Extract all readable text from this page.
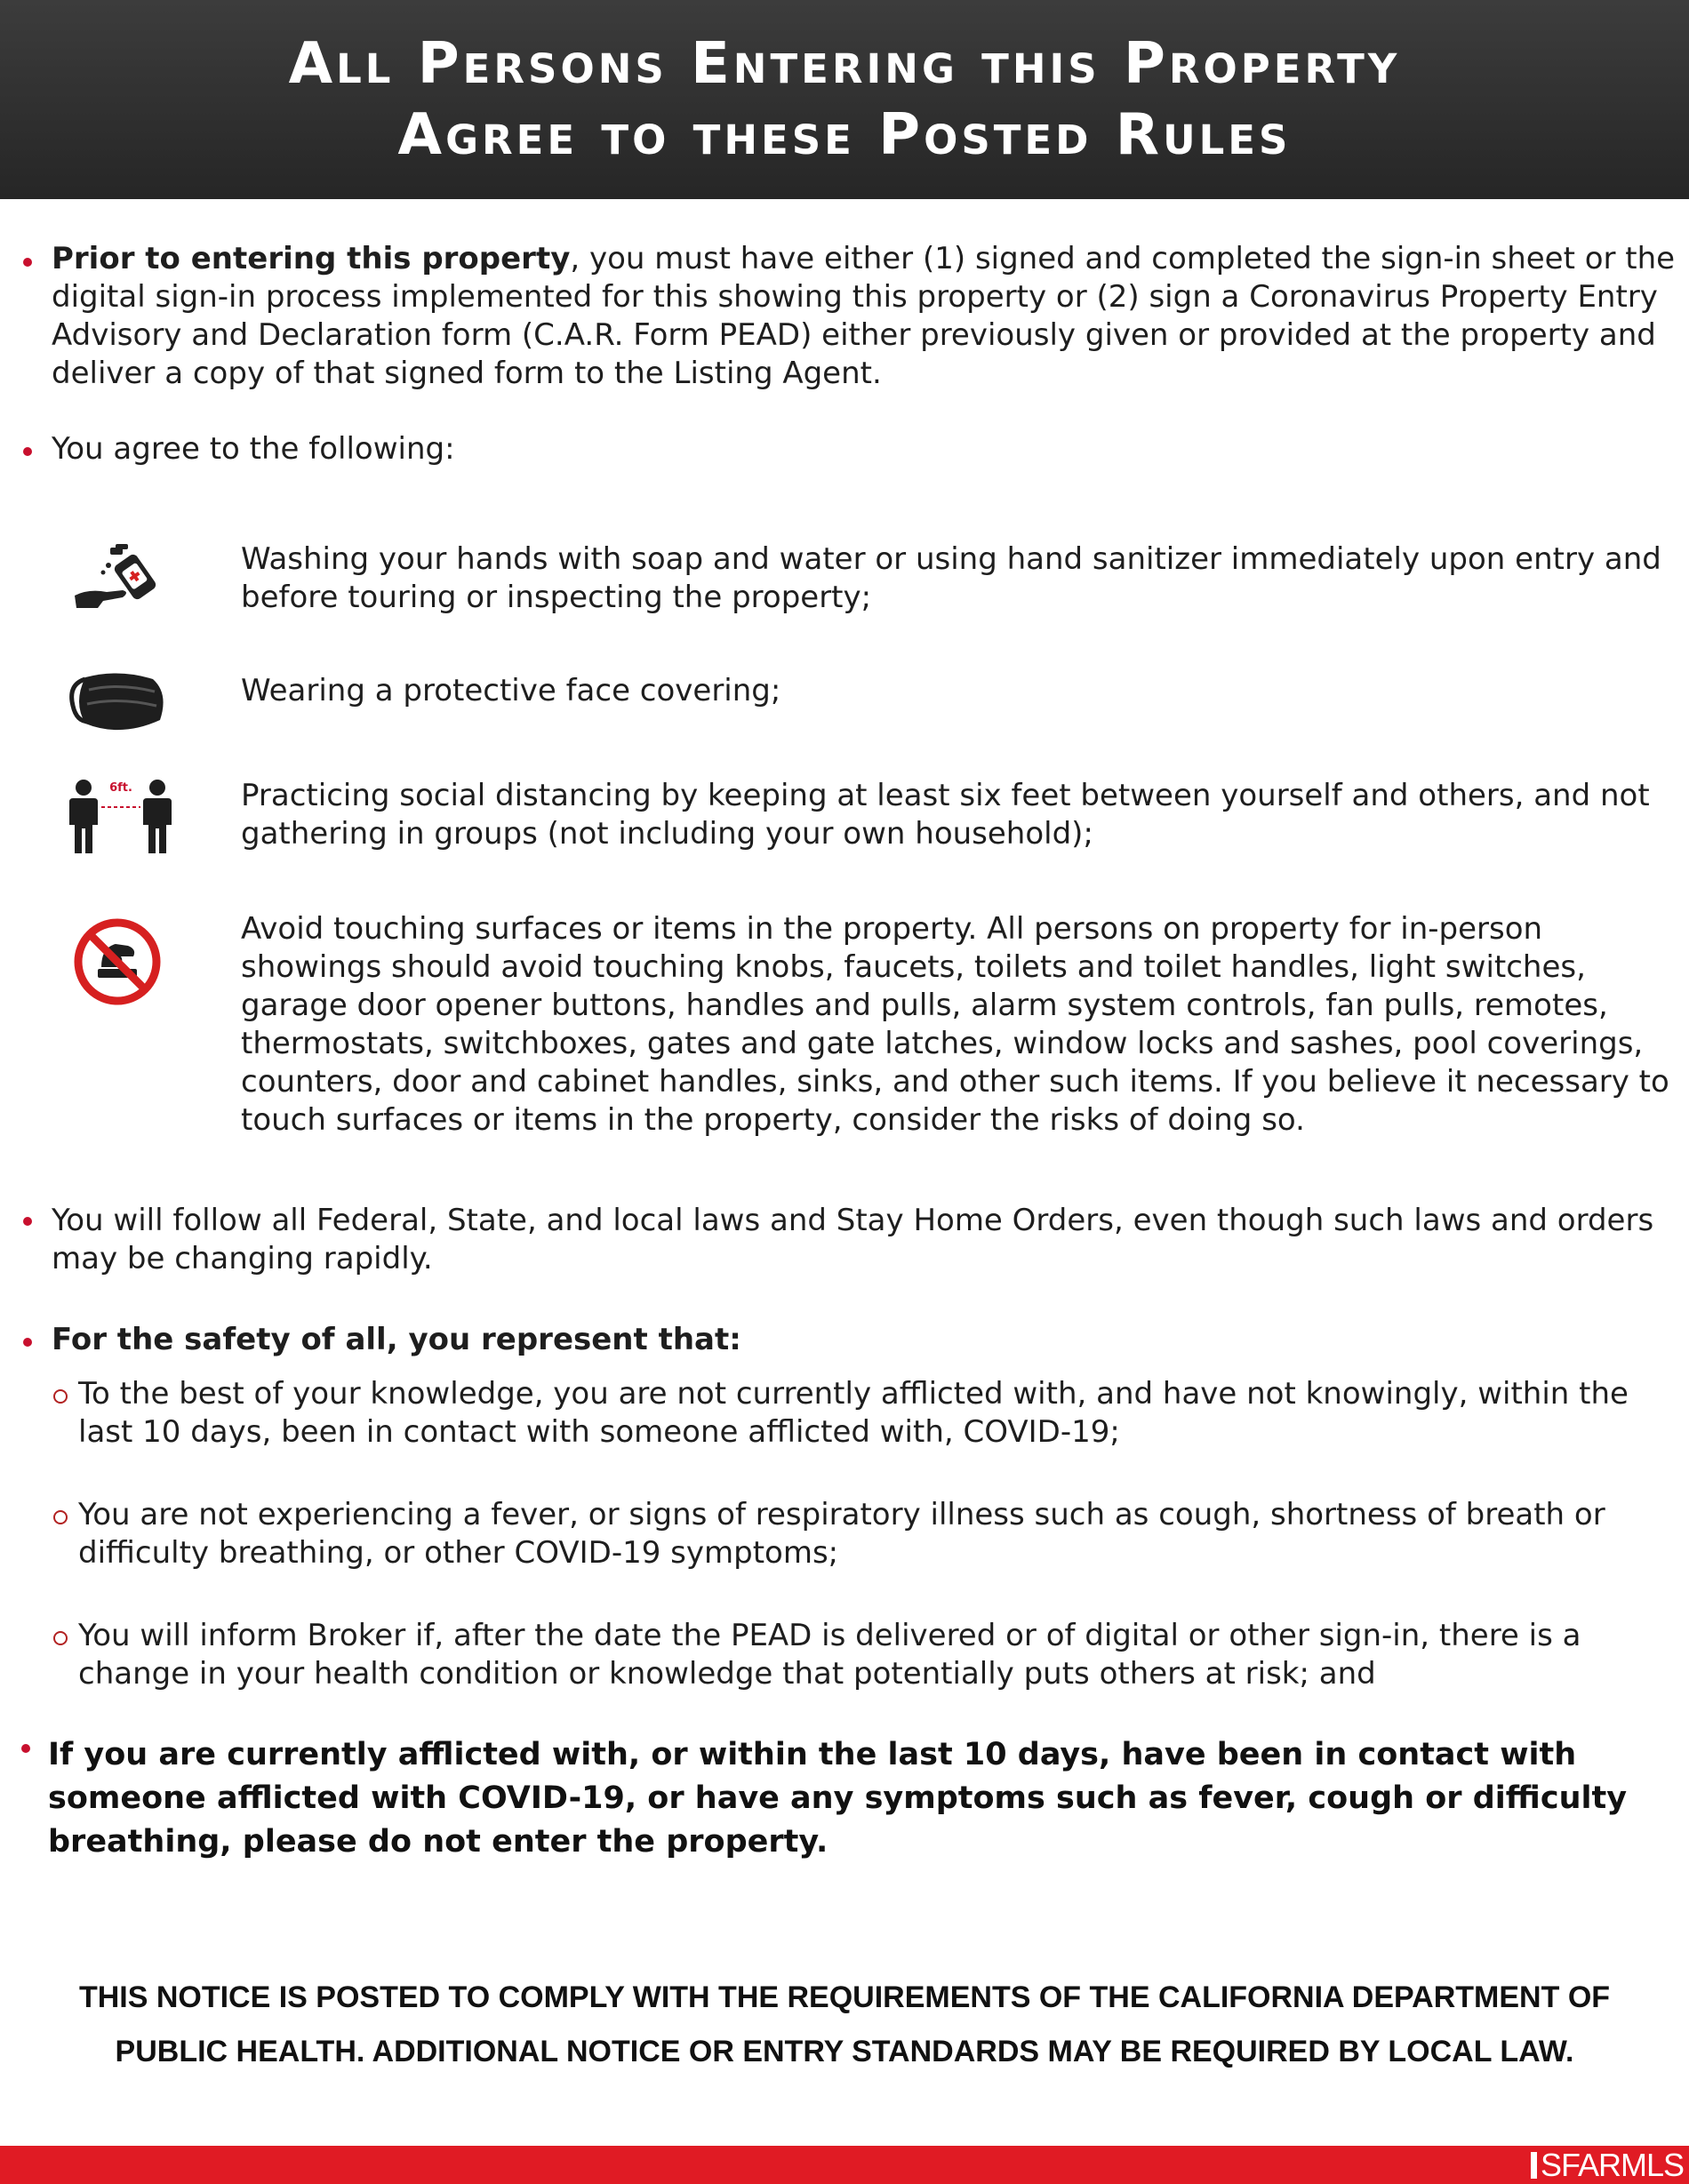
All Persons Entering this Property
Agree to these Posted Rules
Prior to entering this property, you must have either (1) signed and completed the sign-in sheet or the digital sign-in process implemented for this showing this property or (2) sign a Coronavirus Property Entry Advisory and Declaration form (C.A.R. Form PEAD) either previously given or provided at the property and deliver a copy of that signed form to the Listing Agent.
You agree to the following:
Washing your hands with soap and water or using hand sanitizer immediately upon entry and before touring or inspecting the property;
Wearing a protective face covering;
6ft.	Practicing social distancing by keeping at least six feet between yourself and others, and not gathering in groups (not including your own household);
Avoid touching surfaces or items in the property. All persons on property for in-person showings should avoid touching knobs, faucets, toilets and toilet handles, light switches, garage door opener buttons, handles and pulls, alarm system controls, fan pulls, remotes, thermostats, switchboxes, gates and gate latches, window locks and sashes, pool coverings, counters, door and cabinet handles, sinks, and other such items. If you believe it necessary to touch surfaces or items in the property, consider the risks of doing so.
You will follow all Federal, State, and local laws and Stay Home Orders, even though such laws and orders may be changing rapidly.
For the safety of all, you represent that:
To the best of your knowledge, you are not currently afflicted with, and have not knowingly, within the last 10 days, been in contact with someone afflicted with, COVID-19;
You are not experiencing a fever, or signs of respiratory illness such as cough, shortness of breath or difficulty breathing, or other COVID-19 symptoms;
You will inform Broker if, after the date the PEAD is delivered or of digital or other sign-in, there is a change in your health condition or knowledge that potentially puts others at risk; and
If you are currently afflicted with, or within the last 10 days, have been in contact with someone afflicted with COVID-19, or have any symptoms such as fever, cough or difficulty breathing, please do not enter the property.
THIS NOTICE IS POSTED TO COMPLY WITH THE REQUIREMENTS OF THE CALIFORNIA DEPARTMENT OF
PUBLIC HEALTH. ADDITIONAL NOTICE OR ENTRY STANDARDS MAY BE REQUIRED BY LOCAL LAW.
SFARMLS
